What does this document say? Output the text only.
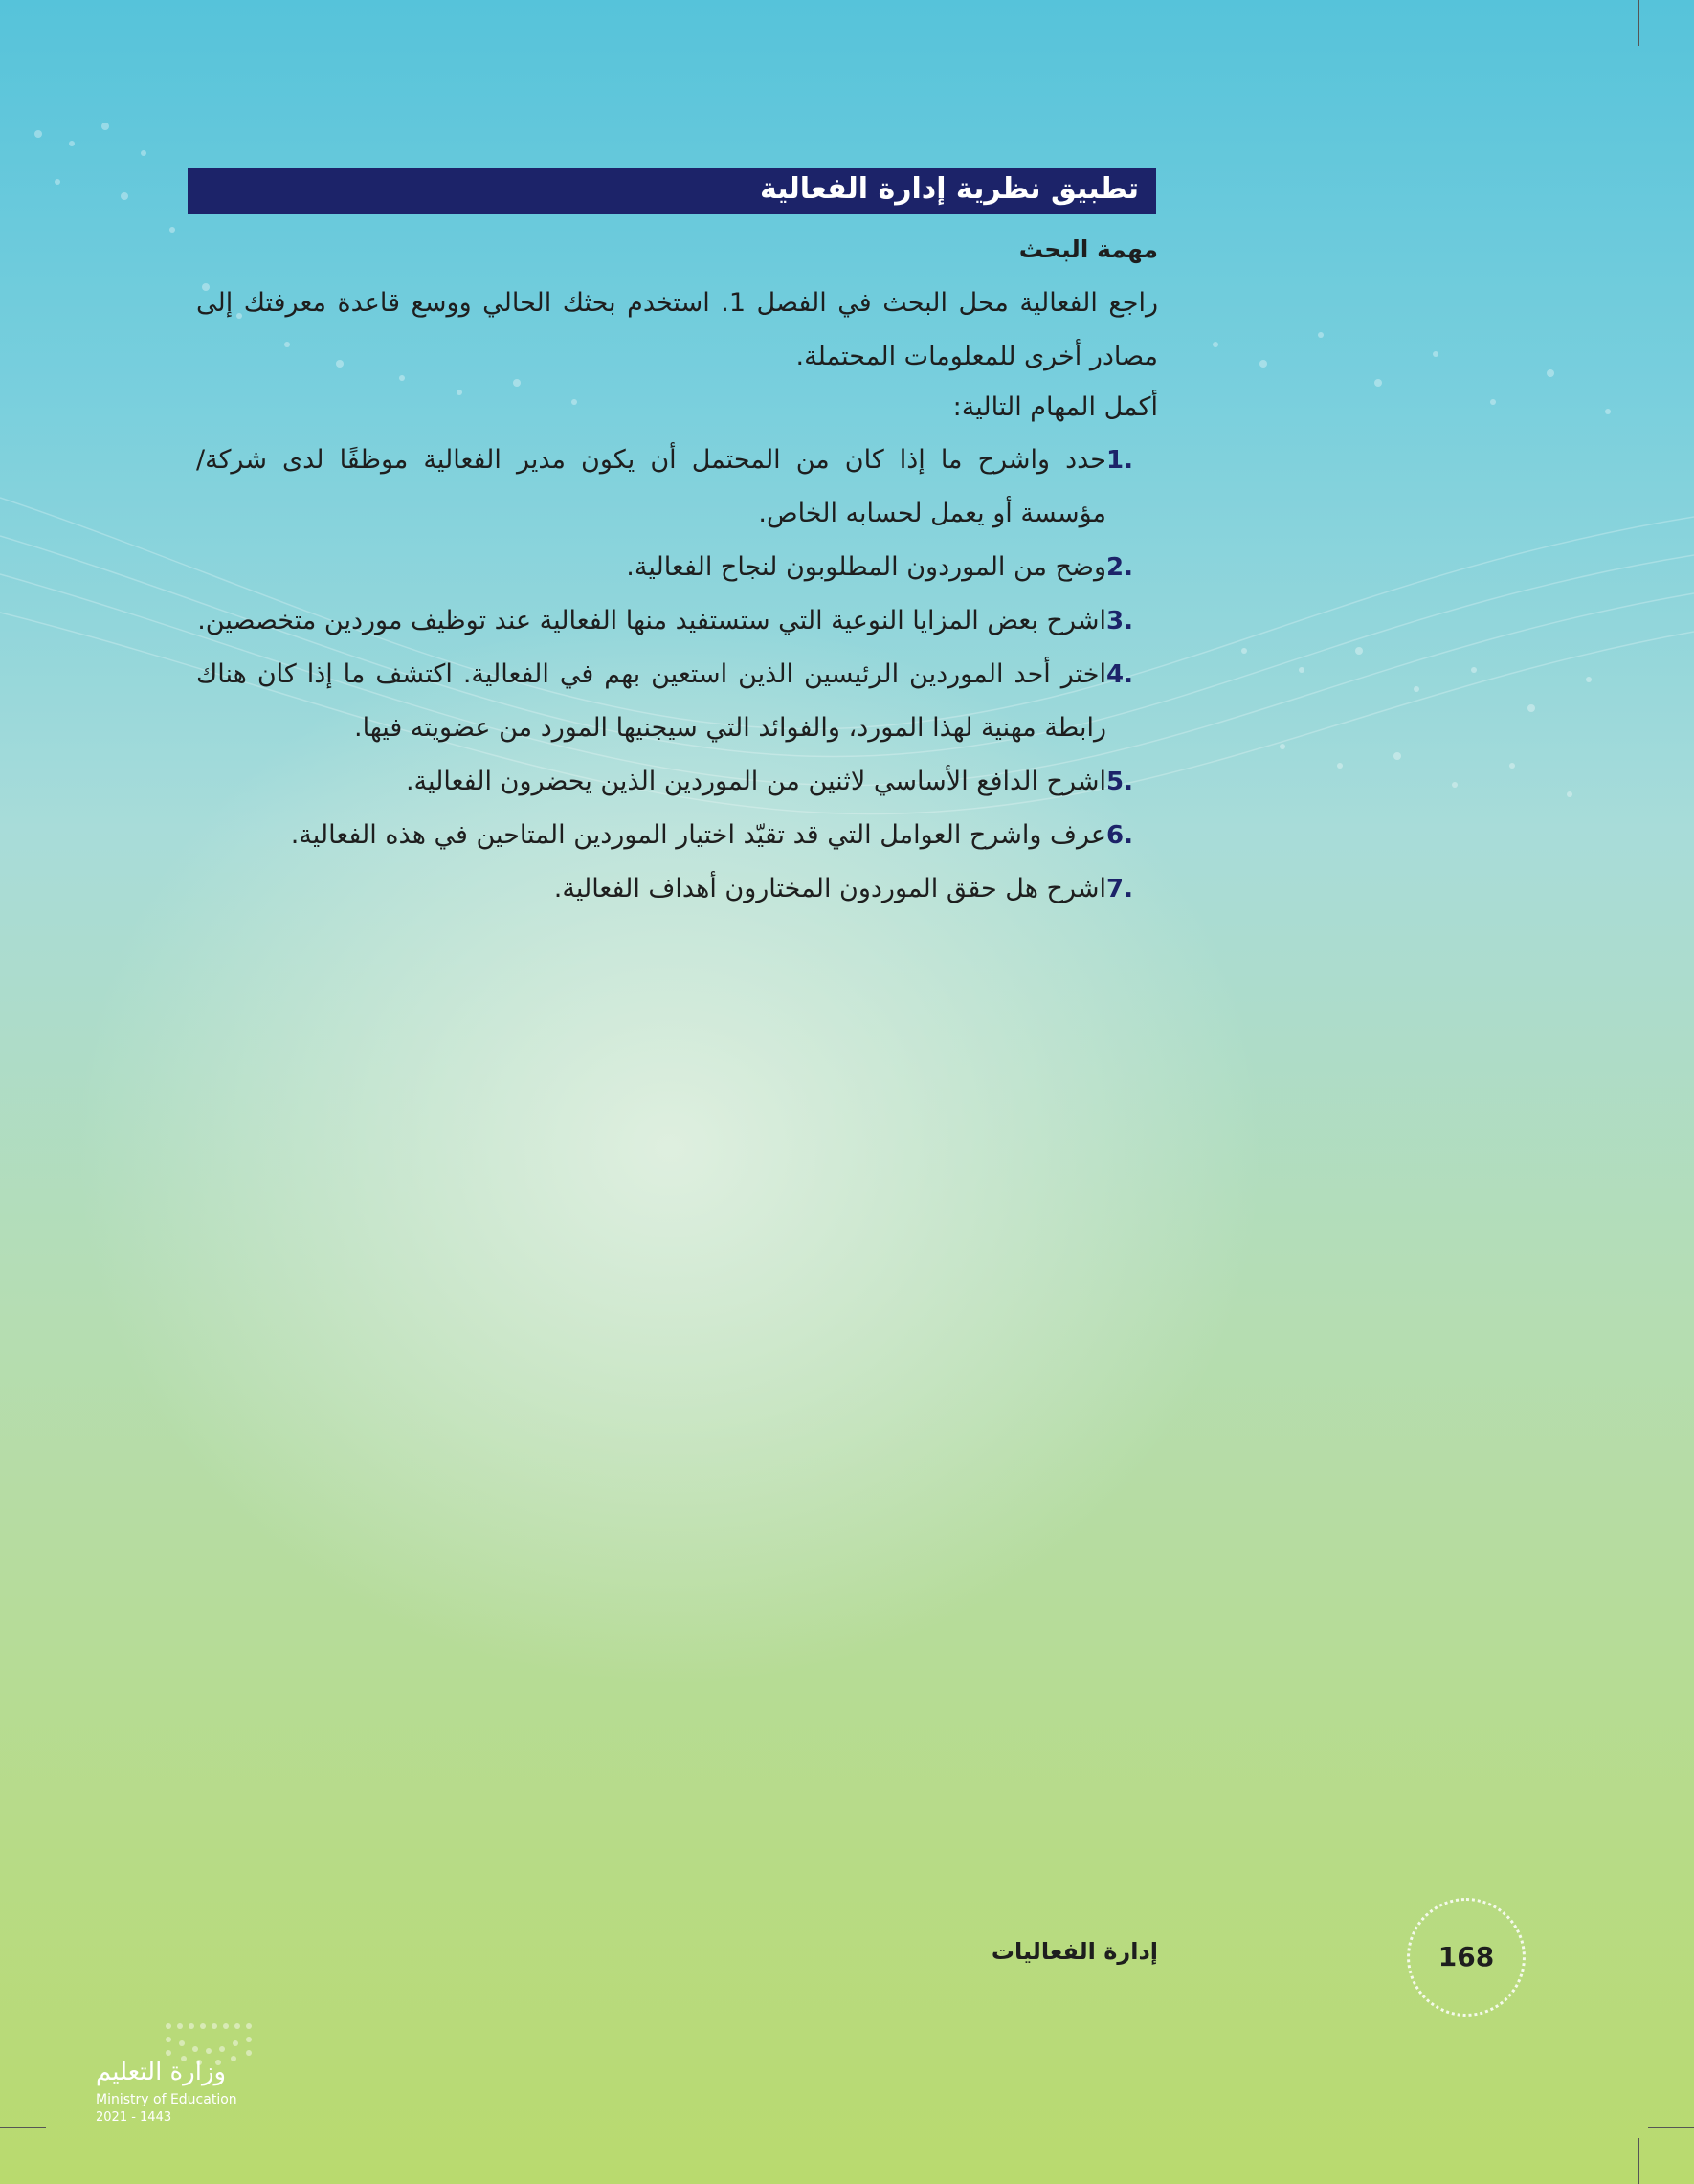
تطبيق نظرية إدارة الفعالية
مهمة البحث

راجع الفعالية محل البحث في الفصل 1. استخدم بحثك الحالي ووسع قاعدة معرفتك إلى مصادر أخرى للمعلومات المحتملة.

أكمل المهام التالية:

1.
حدد واشرح ما إذا كان من المحتمل أن يكون مدير الفعالية موظفًا لدى شركة/ مؤسسة أو يعمل لحسابه الخاص.
2.
وضح من الموردون المطلوبون لنجاح الفعالية.
3.
اشرح بعض المزايا النوعية التي ستستفيد منها الفعالية عند توظيف موردين متخصصين.
4.
اختر أحد الموردين الرئيسين الذين استعين بهم في الفعالية. اكتشف ما إذا كان هناك رابطة مهنية لهذا المورد، والفوائد التي سيجنيها المورد من عضويته فيها.
5.
اشرح الدافع الأساسي لاثنين من الموردين الذين يحضرون الفعالية.
6.
عرف واشرح العوامل التي قد تقيّد اختيار الموردين المتاحين في هذه الفعالية.
7.
اشرح هل حقق الموردون المختارون أهداف الفعالية.
إدارة الفعاليات	168
وزارة التعليم
Ministry of Education
2021 - 1443
